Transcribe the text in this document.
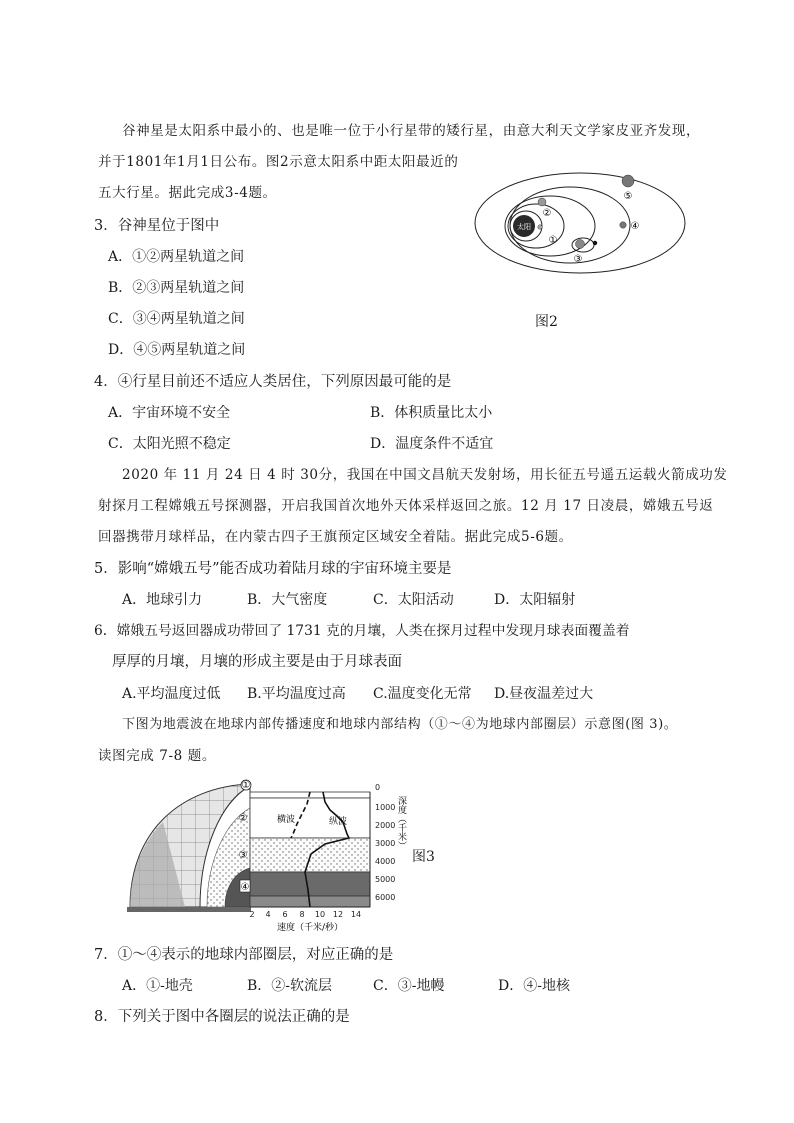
谷神星是太阳系中最小的、也是唯一位于小行星带的矮行星，由意大利天文学家皮亚齐发现，
并于1801年1月1日公布。图2示意太阳系中距太阳最近的
五大行星。据此完成3-4题。
太阳
①
②
③
④
⑤
图2
3．谷神星位于图中
A．①②两星轨道之间
B．②③两星轨道之间
C．③④两星轨道之间
D．④⑤两星轨道之间
4．④行星目前还不适应人类居住，下列原因最可能的是
A．宇宙环境不安全	B．体积质量比太小
C．太阳光照不稳定	D．温度条件不适宜
2020 年 11 月 24 日 4 时 30分，我国在中国文昌航天发射场，用长征五号遥五运载火箭成功发
射探月工程嫦娥五号探测器，开启我国首次地外天体采样返回之旅。12 月 17 日凌晨，嫦娥五号返
回器携带月球样品，在内蒙古四子王旗预定区域安全着陆。据此完成5-6题。
5．影响“嫦娥五号”能否成功着陆月球的宇宙环境主要是
A．地球引力	B．大气密度	C．太阳活动	D．太阳辐射
6．嫦娥五号返回器成功带回了 1731 克的月壤，人类在探月过程中发现月球表面覆盖着
厚厚的月壤，月壤的形成主要是由于月球表面
A.平均温度过低 B.平均温度过高 C.温度变化无常 D.昼夜温差过大
下图为地震波在地球内部传播速度和地球内部结构（①～④为地球内部圈层）示意图(图 3)。
读图完成 7-8 题。
横波	纵波
①
②
③
④
0
1000
2000
3000
4000
5000
6000
深度（千米）
2 4 6 8 10 12 14
速度（千米/秒）
图3
7．①～④表示的地球内部圈层，对应正确的是
A．①-地壳	B．②-软流层	C．③-地幔	D．④-地核
8．下列关于图中各圈层的说法正确的是
